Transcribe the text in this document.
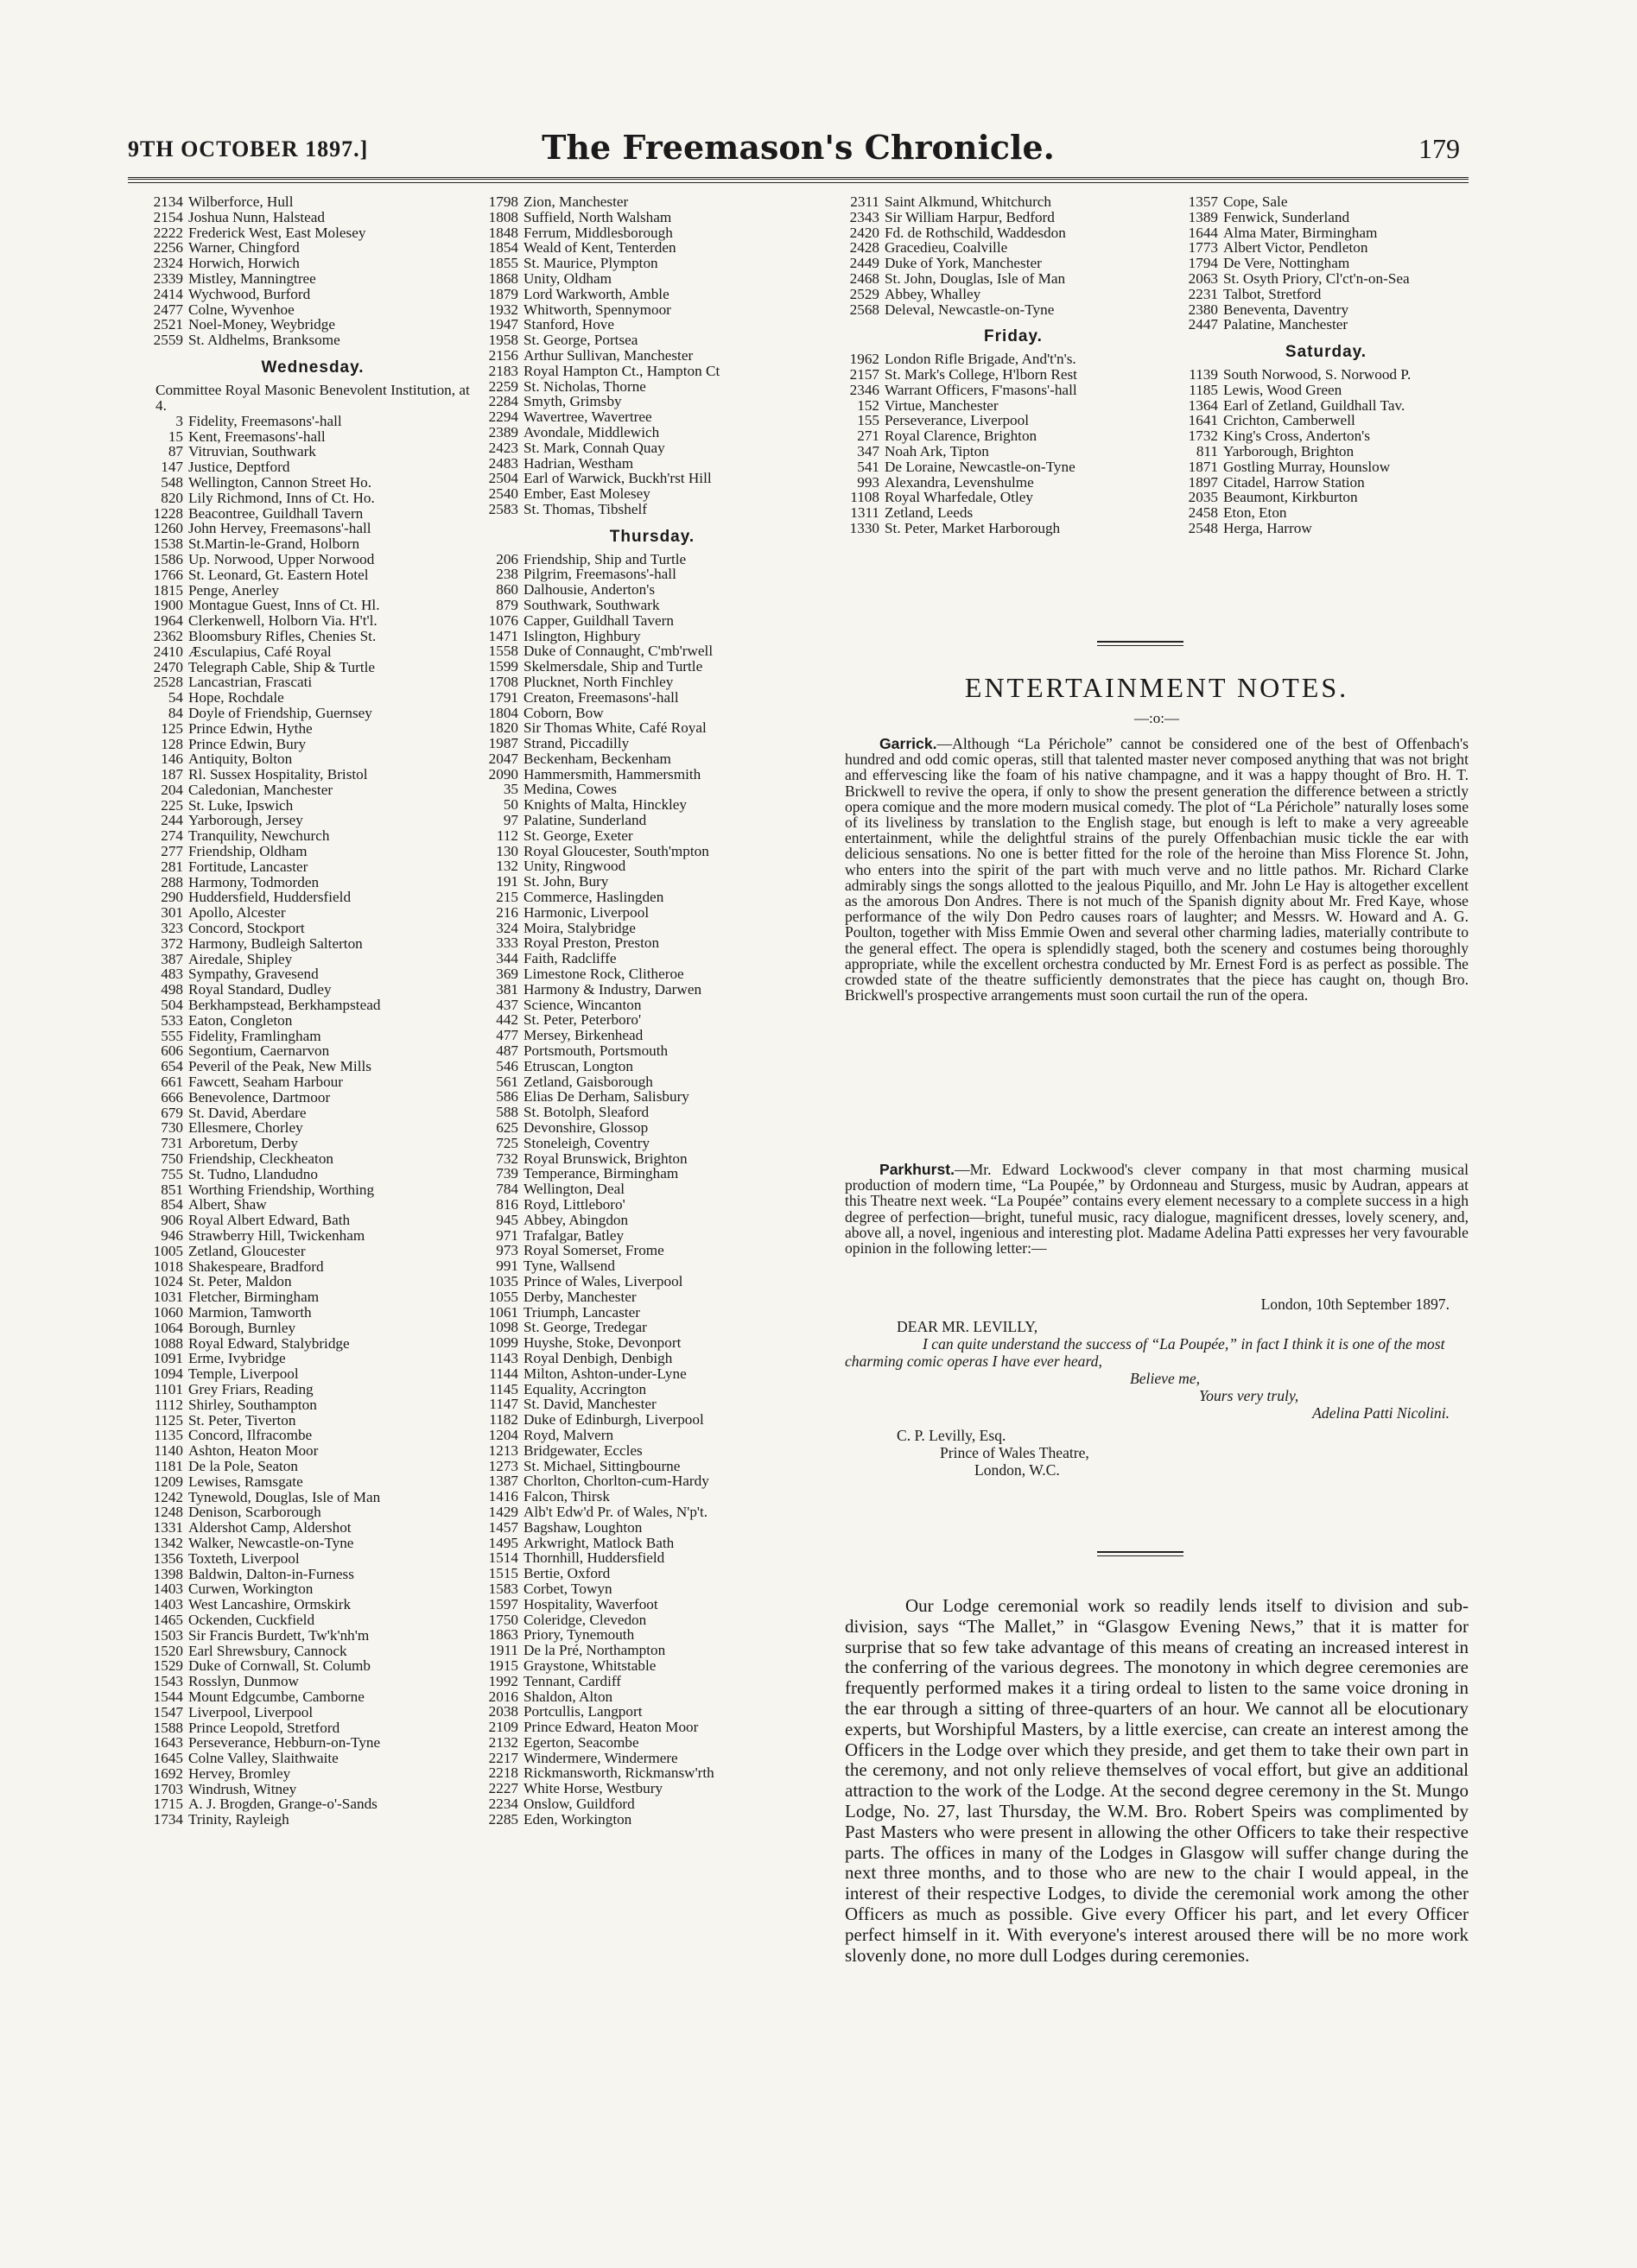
9TH OCTOBER 1897.]	The Freemason's Chronicle.	179
2134 Wilberforce, Hull
2154 Joshua Nunn, Halstead
2222 Frederick West, East Molesey
2256 Warner, Chingford
2324 Horwich, Horwich
2339 Mistley, Manningtree
2414 Wychwood, Burford
2477 Colne, Wyvenhoe
2521 Noel-Money, Weybridge
2559 St. Aldhelms, Branksome
Wednesday.
Committee Royal Masonic Benevolent Institution, at 4.
3 Fidelity, Freemasons'-hall
15 Kent, Freemasons'-hall
87 Vitruvian, Southwark
147 Justice, Deptford
548 Wellington, Cannon Street Ho.
820 Lily Richmond, Inns of Ct. Ho.
1228 Beacontree, Guildhall Tavern
1260 John Hervey, Freemasons'-hall
1538 St.Martin-le-Grand, Holborn
1586 Up. Norwood, Upper Norwood
1766 St. Leonard, Gt. Eastern Hotel
1815 Penge, Anerley
1900 Montague Guest, Inns of Ct. Hl.
1964 Clerkenwell, Holborn Via. H't'l.
2362 Bloomsbury Rifles, Chenies St.
2410 Æsculapius, Café Royal
2470 Telegraph Cable, Ship & Turtle
2528 Lancastrian, Frascati
54 Hope, Rochdale
84 Doyle of Friendship, Guernsey
125 Prince Edwin, Hythe
128 Prince Edwin, Bury
146 Antiquity, Bolton
187 Rl. Sussex Hospitality, Bristol
204 Caledonian, Manchester
225 St. Luke, Ipswich
244 Yarborough, Jersey
274 Tranquility, Newchurch
277 Friendship, Oldham
281 Fortitude, Lancaster
288 Harmony, Todmorden
290 Huddersfield, Huddersfield
301 Apollo, Alcester
323 Concord, Stockport
372 Harmony, Budleigh Salterton
387 Airedale, Shipley
483 Sympathy, Gravesend
498 Royal Standard, Dudley
504 Berkhampstead, Berkhampstead
533 Eaton, Congleton
555 Fidelity, Framlingham
606 Segontium, Caernarvon
654 Peveril of the Peak, New Mills
661 Fawcett, Seaham Harbour
666 Benevolence, Dartmoor
679 St. David, Aberdare
730 Ellesmere, Chorley
731 Arboretum, Derby
750 Friendship, Cleckheaton
755 St. Tudno, Llandudno
851 Worthing Friendship, Worthing
854 Albert, Shaw
906 Royal Albert Edward, Bath
946 Strawberry Hill, Twickenham
1005 Zetland, Gloucester
1018 Shakespeare, Bradford
1024 St. Peter, Maldon
1031 Fletcher, Birmingham
1060 Marmion, Tamworth
1064 Borough, Burnley
1088 Royal Edward, Stalybridge
1091 Erme, Ivybridge
1094 Temple, Liverpool
1101 Grey Friars, Reading
1112 Shirley, Southampton
1125 St. Peter, Tiverton
1135 Concord, Ilfracombe
1140 Ashton, Heaton Moor
1181 De la Pole, Seaton
1209 Lewises, Ramsgate
1242 Tynewold, Douglas, Isle of Man
1248 Denison, Scarborough
1331 Aldershot Camp, Aldershot
1342 Walker, Newcastle-on-Tyne
1356 Toxteth, Liverpool
1398 Baldwin, Dalton-in-Furness
1403 Curwen, Workington
1403 West Lancashire, Ormskirk
1465 Ockenden, Cuckfield
1503 Sir Francis Burdett, Tw'k'nh'm
1520 Earl Shrewsbury, Cannock
1529 Duke of Cornwall, St. Columb
1543 Rosslyn, Dunmow
1544 Mount Edgcumbe, Camborne
1547 Liverpool, Liverpool
1588 Prince Leopold, Stretford
1643 Perseverance, Hebburn-on-Tyne
1645 Colne Valley, Slaithwaite
1692 Hervey, Bromley
1703 Windrush, Witney
1715 A. J. Brogden, Grange-o'-Sands
1734 Trinity, Rayleigh
1798 Zion, Manchester
1808 Suffield, North Walsham
1848 Ferrum, Middlesborough
1854 Weald of Kent, Tenterden
1855 St. Maurice, Plympton
1868 Unity, Oldham
1879 Lord Warkworth, Amble
1932 Whitworth, Spennymoor
1947 Stanford, Hove
1958 St. George, Portsea
2156 Arthur Sullivan, Manchester
2183 Royal Hampton Ct., Hampton Ct
2259 St. Nicholas, Thorne
2284 Smyth, Grimsby
2294 Wavertree, Wavertree
2389 Avondale, Middlewich
2423 St. Mark, Connah Quay
2483 Hadrian, Westham
2504 Earl of Warwick, Buckh'rst Hill
2540 Ember, East Molesey
2583 St. Thomas, Tibshelf
Thursday.
206 Friendship, Ship and Turtle
238 Pilgrim, Freemasons'-hall
860 Dalhousie, Anderton's
879 Southwark, Southwark
1076 Capper, Guildhall Tavern
1471 Islington, Highbury
1558 Duke of Connaught, C'mb'rwell
1599 Skelmersdale, Ship and Turtle
1708 Plucknet, North Finchley
1791 Creaton, Freemasons'-hall
1804 Coborn, Bow
1820 Sir Thomas White, Café Royal
1987 Strand, Piccadilly
2047 Beckenham, Beckenham
2090 Hammersmith, Hammersmith
35 Medina, Cowes
50 Knights of Malta, Hinckley
97 Palatine, Sunderland
112 St. George, Exeter
130 Royal Gloucester, South'mpton
132 Unity, Ringwood
191 St. John, Bury
215 Commerce, Haslingden
216 Harmonic, Liverpool
324 Moira, Stalybridge
333 Royal Preston, Preston
344 Faith, Radcliffe
369 Limestone Rock, Clitheroe
381 Harmony & Industry, Darwen
437 Science, Wincanton
442 St. Peter, Peterboro'
477 Mersey, Birkenhead
487 Portsmouth, Portsmouth
546 Etruscan, Longton
561 Zetland, Gaisborough
586 Elias De Derham, Salisbury
588 St. Botolph, Sleaford
625 Devonshire, Glossop
725 Stoneleigh, Coventry
732 Royal Brunswick, Brighton
739 Temperance, Birmingham
784 Wellington, Deal
816 Royd, Littleboro'
945 Abbey, Abingdon
971 Trafalgar, Batley
973 Royal Somerset, Frome
991 Tyne, Wallsend
1035 Prince of Wales, Liverpool
1055 Derby, Manchester
1061 Triumph, Lancaster
1098 St. George, Tredegar
1099 Huyshe, Stoke, Devonport
1143 Royal Denbigh, Denbigh
1144 Milton, Ashton-under-Lyne
1145 Equality, Accrington
1147 St. David, Manchester
1182 Duke of Edinburgh, Liverpool
1204 Royd, Malvern
1213 Bridgewater, Eccles
1273 St. Michael, Sittingbourne
1387 Chorlton, Chorlton-cum-Hardy
1416 Falcon, Thirsk
1429 Alb't Edw'd Pr. of Wales, N'p't.
1457 Bagshaw, Loughton
1495 Arkwright, Matlock Bath
1514 Thornhill, Huddersfield
1515 Bertie, Oxford
1583 Corbet, Towyn
1597 Hospitality, Waverfoot
1750 Coleridge, Clevedon
1863 Priory, Tynemouth
1911 De la Pré, Northampton
1915 Graystone, Whitstable
1992 Tennant, Cardiff
2016 Shaldon, Alton
2038 Portcullis, Langport
2109 Prince Edward, Heaton Moor
2132 Egerton, Seacombe
2217 Windermere, Windermere
2218 Rickmansworth, Rickmansw'rth
2227 White Horse, Westbury
2234 Onslow, Guildford
2285 Eden, Workington
2311 Saint Alkmund, Whitchurch
2343 Sir William Harpur, Bedford
2420 Fd. de Rothschild, Waddesdon
2428 Gracedieu, Coalville
2449 Duke of York, Manchester
2468 St. John, Douglas, Isle of Man
2529 Abbey, Whalley
2568 Deleval, Newcastle-on-Tyne
Friday.
1962 London Rifle Brigade, And't'n's.
2157 St. Mark's College, H'lborn Rest
2346 Warrant Officers, F'masons'-hall
152 Virtue, Manchester
155 Perseverance, Liverpool
271 Royal Clarence, Brighton
347 Noah Ark, Tipton
541 De Loraine, Newcastle-on-Tyne
993 Alexandra, Levenshulme
1108 Royal Wharfedale, Otley
1311 Zetland, Leeds
1330 St. Peter, Market Harborough
1357 Cope, Sale
1389 Fenwick, Sunderland
1644 Alma Mater, Birmingham
1773 Albert Victor, Pendleton
1794 De Vere, Nottingham
2063 St. Osyth Priory, Cl'ct'n-on-Sea
2231 Talbot, Stretford
2380 Beneventa, Daventry
2447 Palatine, Manchester
Saturday.
1139 South Norwood, S. Norwood P.
1185 Lewis, Wood Green
1364 Earl of Zetland, Guildhall Tav.
1641 Crichton, Camberwell
1732 King's Cross, Anderton's
811 Yarborough, Brighton
1871 Gostling Murray, Hounslow
1897 Citadel, Harrow Station
2035 Beaumont, Kirkburton
2458 Eton, Eton
2548 Herga, Harrow
ENTERTAINMENT NOTES.
—:o:—
Garrick.—Although “La Périchole” cannot be considered one of the best of Offenbach's hundred and odd comic operas, still that talented master never composed anything that was not bright and effervescing like the foam of his native champagne, and it was a happy thought of Bro. H. T. Brickwell to revive the opera, if only to show the present generation the difference between a strictly opera comique and the more modern musical comedy. The plot of “La Périchole” naturally loses some of its liveliness by translation to the English stage, but enough is left to make a very agreeable entertainment, while the delightful strains of the purely Offenbachian music tickle the ear with delicious sensations. No one is better fitted for the role of the heroine than Miss Florence St. John, who enters into the spirit of the part with much verve and no little pathos. Mr. Richard Clarke admirably sings the songs allotted to the jealous Piquillo, and Mr. John Le Hay is altogether excellent as the amorous Don Andres. There is not much of the Spanish dignity about Mr. Fred Kaye, whose performance of the wily Don Pedro causes roars of laughter; and Messrs. W. Howard and A. G. Poulton, together with Miss Emmie Owen and several other charming ladies, materially contribute to the general effect. The opera is splendidly staged, both the scenery and costumes being thoroughly appropriate, while the excellent orchestra conducted by Mr. Ernest Ford is as perfect as possible. The crowded state of the theatre sufficiently demonstrates that the piece has caught on, though Bro. Brickwell's prospective arrangements must soon curtail the run of the opera.
Parkhurst.—Mr. Edward Lockwood's clever company in that most charming musical production of modern time, “La Poupée,” by Ordonneau and Sturgess, music by Audran, appears at this Theatre next week. “La Poupée” contains every element necessary to a complete success in a high degree of perfection—bright, tuneful music, racy dialogue, magnificent dresses, lovely scenery, and, above all, a novel, ingenious and interesting plot. Madame Adelina Patti expresses her very favourable opinion in the following letter:—
London, 10th September 1897.
DEAR MR. LEVILLY,
I can quite understand the success of “La Poupée,” in fact I think it is one of the most charming comic operas I have ever heard,
Believe me,
Yours very truly,
Adelina Patti Nicolini.
C. P. Levilly, Esq.
Prince of Wales Theatre,
London, W.C.
Our Lodge ceremonial work so readily lends itself to division and sub-division, says “The Mallet,” in “Glasgow Evening News,” that it is matter for surprise that so few take advantage of this means of creating an increased interest in the conferring of the various degrees. The monotony in which degree ceremonies are frequently performed makes it a tiring ordeal to listen to the same voice droning in the ear through a sitting of three-quarters of an hour. We cannot all be elocutionary experts, but Worshipful Masters, by a little exercise, can create an interest among the Officers in the Lodge over which they preside, and get them to take their own part in the ceremony, and not only relieve themselves of vocal effort, but give an additional attraction to the work of the Lodge. At the second degree ceremony in the St. Mungo Lodge, No. 27, last Thursday, the W.M. Bro. Robert Speirs was complimented by Past Masters who were present in allowing the other Officers to take their respective parts. The offices in many of the Lodges in Glasgow will suffer change during the next three months, and to those who are new to the chair I would appeal, in the interest of their respective Lodges, to divide the ceremonial work among the other Officers as much as possible. Give every Officer his part, and let every Officer perfect himself in it. With everyone's interest aroused there will be no more work slovenly done, no more dull Lodges during ceremonies.
